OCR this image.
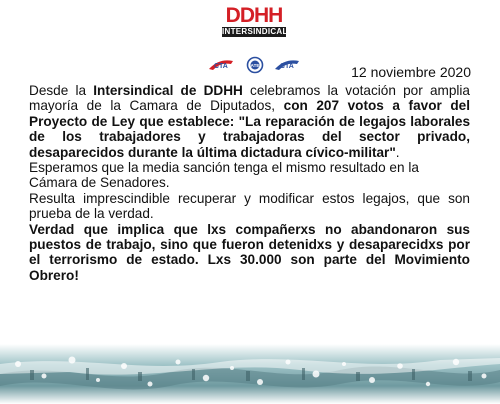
DDHH
INTERSINDICAL
CTA	ATE	CTA	12 noviembre 2020

Desde la Intersindical de DDHH celebramos la votación por amplia mayoría de la Camara de Diputados, con 207 votos a favor del Proyecto de Ley que establece: "La reparación de legajos laborales de los trabajadores y trabajadoras del sector privado, desaparecidos durante la última dictadura cívico-militar".

Esperamos que la media sanción tenga el mismo resultado en la Cámara de Senadores.

Resulta imprescindible recuperar y modificar estos legajos, que son prueba de la verdad.

Verdad que implica que lxs compañerxs no abandonaron sus puestos de trabajo, sino que fueron detenidxs y desaparecidxs por el terrorismo de estado. Lxs 30.000 son parte del Movimiento Obrero!
